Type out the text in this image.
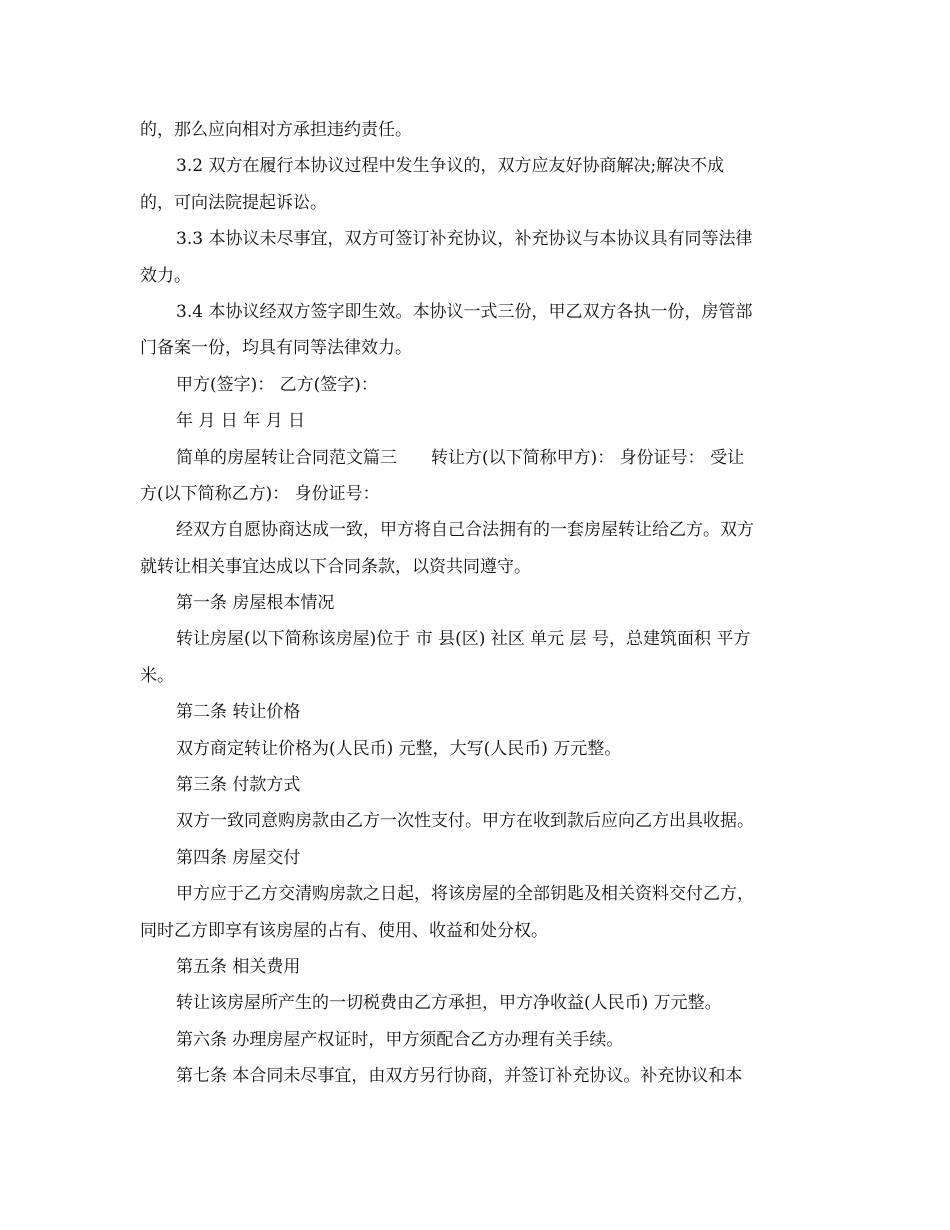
的，那么应向相对方承担违约责任。
3.2 双方在履行本协议过程中发生争议的，双方应友好协商解决;解决不成
的，可向法院提起诉讼。
3.3 本协议未尽事宜，双方可签订补充协议，补充协议与本协议具有同等法律
效力。
3.4 本协议经双方签字即生效。本协议一式三份，甲乙双方各执一份，房管部
门备案一份，均具有同等法律效力。
甲方(签字)： 乙方(签字)：
年 月 日 年 月 日
简单的房屋转让合同范文篇三　　转让方(以下简称甲方)： 身份证号： 受让
方(以下简称乙方)： 身份证号：
经双方自愿协商达成一致，甲方将自己合法拥有的一套房屋转让给乙方。双方
就转让相关事宜达成以下合同条款，以资共同遵守。
第一条 房屋根本情况
转让房屋(以下简称该房屋)位于 市 县(区) 社区 单元 层 号，总建筑面积 平方
米。
第二条 转让价格
双方商定转让价格为(人民币) 元整，大写(人民币) 万元整。
第三条 付款方式
双方一致同意购房款由乙方一次性支付。甲方在收到款后应向乙方出具收据。
第四条 房屋交付
甲方应于乙方交清购房款之日起，将该房屋的全部钥匙及相关资料交付乙方，
同时乙方即享有该房屋的占有、使用、收益和处分权。
第五条 相关费用
转让该房屋所产生的一切税费由乙方承担，甲方净收益(人民币) 万元整。
第六条 办理房屋产权证时，甲方须配合乙方办理有关手续。
第七条 本合同未尽事宜，由双方另行协商，并签订补充协议。补充协议和本
